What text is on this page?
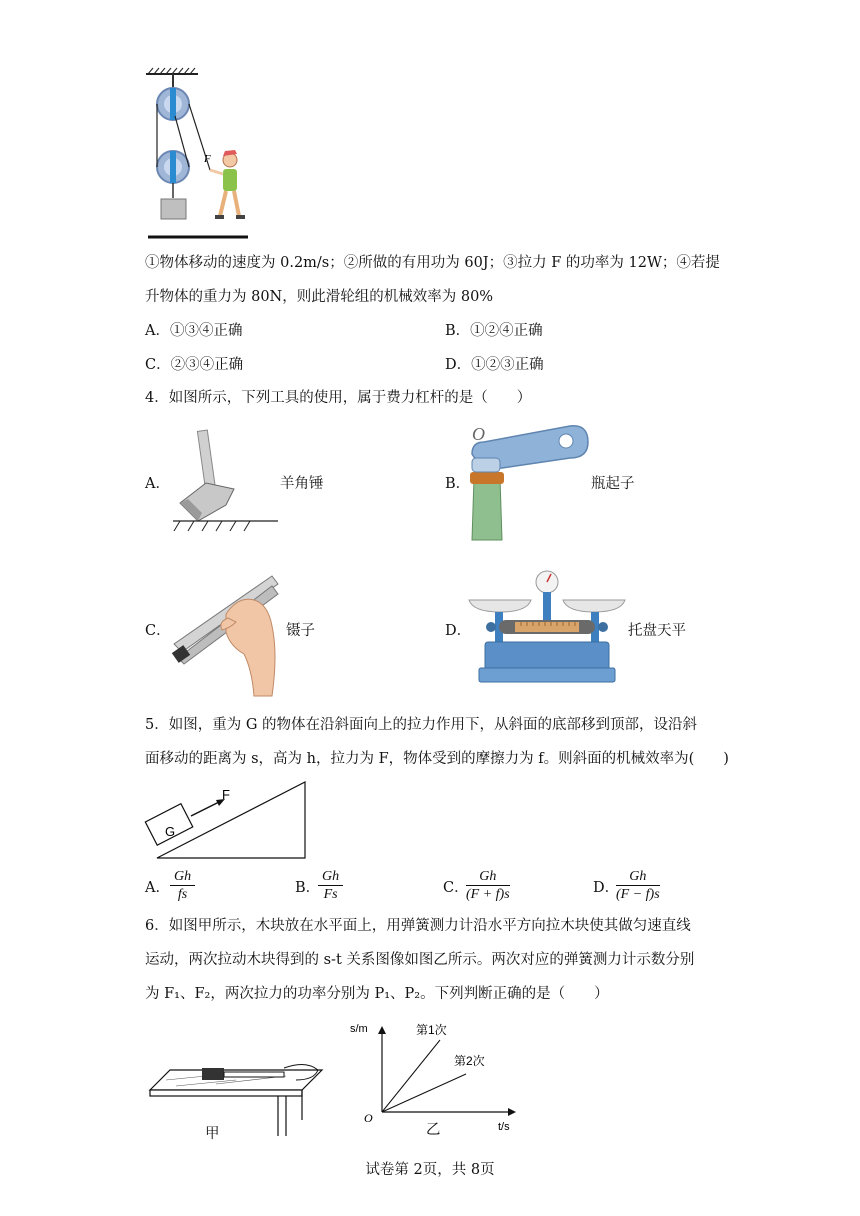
F
①物体移动的速度为 0.2m/s；②所做的有用功为 60J；③拉力 F 的功率为 12W；④若提
升物体的重力为 80N，则此滑轮组的机械效率为 80%
A．①③④正确	B．①②④正确
C．②③④正确	D．①②③正确
4．如图所示，下列工具的使用，属于费力杠杆的是（　　）
A．	羊角锤	B．
O
瓶起子
C．	镊子	D．	托盘天平
5．如图，重为 G 的物体在沿斜面向上的拉力作用下，从斜面的底部移到顶部，设沿斜
面移动的距离为 s，高为 h，拉力为 F，物体受到的摩擦力为 f。则斜面的机械效率为(　　)
G
F
A． $\frac{Gh}{fs}$	B．
$\frac{Gh}{Fs}$	C．
$\frac{Gh}{(F + f)s}$	D．
$\frac{Gh}{(F - f)s}$
6．如图甲所示，木块放在水平面上，用弹簧测力计沿水平方向拉木块使其做匀速直线
运动，两次拉动木块得到的 s-t 关系图像如图乙所示。两次对应的弹簧测力计示数分别
为 F₁、F₂，两次拉力的功率分别为 P₁、P₂。下列判断正确的是（　　）
甲
s/m
t/s
O
第1次
第2次
乙
试卷第 2页，共 8页
